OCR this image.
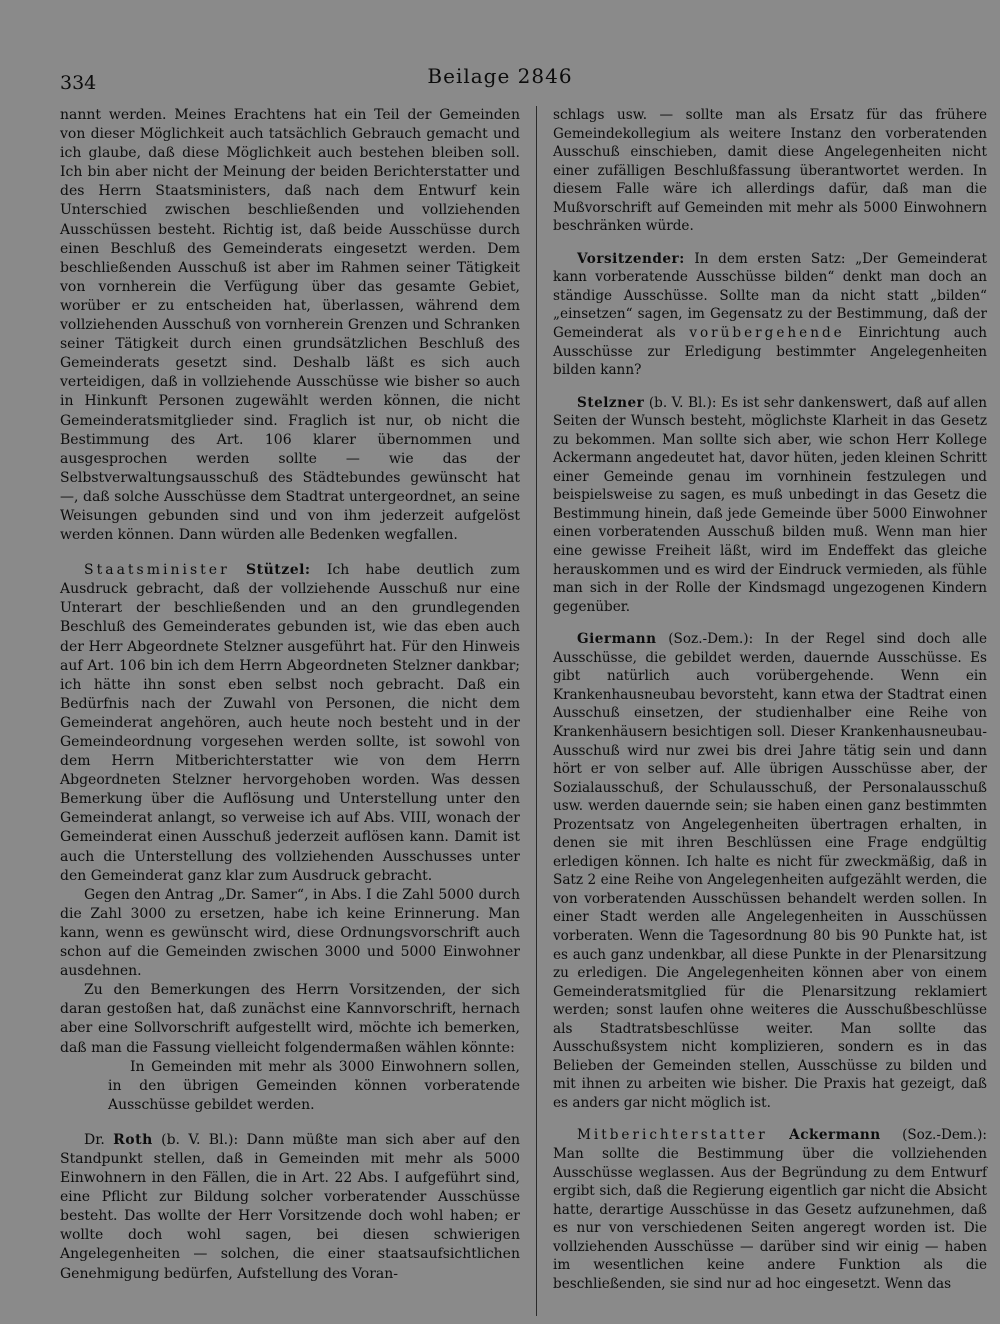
334	Beilage 2846

nannt werden. Meines Erachtens hat ein Teil der Gemeinden von dieser Möglichkeit auch tatsächlich Gebrauch gemacht und ich glaube, daß diese Möglichkeit auch bestehen bleiben soll. Ich bin aber nicht der Meinung der beiden Berichterstatter und des Herrn Staatsministers, daß nach dem Entwurf kein Unterschied zwischen beschließenden und vollziehenden Ausschüssen besteht. Richtig ist, daß beide Ausschüsse durch einen Beschluß des Gemeinderats eingesetzt werden. Dem beschließenden Ausschuß ist aber im Rahmen seiner Tätigkeit von vornherein die Verfügung über das gesamte Gebiet, worüber er zu entscheiden hat, überlassen, während dem vollziehenden Ausschuß von vornherein Grenzen und Schranken seiner Tätigkeit durch einen grundsätzlichen Beschluß des Gemeinderats gesetzt sind. Deshalb läßt es sich auch verteidigen, daß in vollziehende Ausschüsse wie bisher so auch in Hinkunft Personen zugewählt werden können, die nicht Gemeinderatsmitglieder sind. Fraglich ist nur, ob nicht die Bestimmung des Art. 106 klarer übernommen und ausgesprochen werden sollte — wie das der Selbstverwaltungsausschuß des Städtebundes gewünscht hat —, daß solche Ausschüsse dem Stadtrat untergeordnet, an seine Weisungen gebunden sind und von ihm jederzeit aufgelöst werden können. Dann würden alle Bedenken wegfallen.

Staatsminister Stützel: Ich habe deutlich zum Ausdruck gebracht, daß der vollziehende Ausschuß nur eine Unterart der beschließenden und an den grundlegenden Beschluß des Gemeinderates gebunden ist, wie das eben auch der Herr Abgeordnete Stelzner ausgeführt hat. Für den Hinweis auf Art. 106 bin ich dem Herrn Abgeordneten Stelzner dankbar; ich hätte ihn sonst eben selbst noch gebracht. Daß ein Bedürfnis nach der Zuwahl von Personen, die nicht dem Gemeinderat angehören, auch heute noch besteht und in der Gemeindeordnung vorgesehen werden sollte, ist sowohl von dem Herrn Mitberichterstatter wie von dem Herrn Abgeordneten Stelzner hervorgehoben worden. Was dessen Bemerkung über die Auflösung und Unterstellung unter den Gemeinderat anlangt, so verweise ich auf Abs. VIII, wonach der Gemeinderat einen Ausschuß jederzeit auflösen kann. Damit ist auch die Unterstellung des vollziehenden Ausschusses unter den Gemeinderat ganz klar zum Ausdruck gebracht.

Gegen den Antrag „Dr. Samer“, in Abs. I die Zahl 5000 durch die Zahl 3000 zu ersetzen, habe ich keine Erinnerung. Man kann, wenn es gewünscht wird, diese Ordnungsvorschrift auch schon auf die Gemeinden zwischen 3000 und 5000 Einwohner ausdehnen.

Zu den Bemerkungen des Herrn Vorsitzenden, der sich daran gestoßen hat, daß zunächst eine Kannvorschrift, hernach aber eine Sollvorschrift aufgestellt wird, möchte ich bemerken, daß man die Fassung vielleicht folgendermaßen wählen könnte:

In Gemeinden mit mehr als 3000 Einwohnern sollen, in den übrigen Gemeinden können vorberatende Ausschüsse gebildet werden.

Dr. Roth (b. V. Bl.): Dann müßte man sich aber auf den Standpunkt stellen, daß in Gemeinden mit mehr als 5000 Einwohnern in den Fällen, die in Art. 22 Abs. I aufgeführt sind, eine Pflicht zur Bildung solcher vorberatender Ausschüsse besteht. Das wollte der Herr Vorsitzende doch wohl haben; er wollte doch wohl sagen, bei diesen schwierigen Angelegenheiten — solchen, die einer staatsaufsichtlichen Genehmigung bedürfen, Aufstellung des Voran-

schlags usw. — sollte man als Ersatz für das frühere Gemeindekollegium als weitere Instanz den vorberatenden Ausschuß einschieben, damit diese Angelegenheiten nicht einer zufälligen Beschlußfassung überantwortet werden. In diesem Falle wäre ich allerdings dafür, daß man die Mußvorschrift auf Gemeinden mit mehr als 5000 Einwohnern beschränken würde.

Vorsitzender: In dem ersten Satz: „Der Gemeinderat kann vorberatende Ausschüsse bilden“ denkt man doch an ständige Ausschüsse. Sollte man da nicht statt „bilden“ „einsetzen“ sagen, im Gegensatz zu der Bestimmung, daß der Gemeinderat als vorübergehende Einrichtung auch Ausschüsse zur Erledigung bestimmter Angelegenheiten bilden kann?

Stelzner (b. V. Bl.): Es ist sehr dankenswert, daß auf allen Seiten der Wunsch besteht, möglichste Klarheit in das Gesetz zu bekommen. Man sollte sich aber, wie schon Herr Kollege Ackermann angedeutet hat, davor hüten, jeden kleinen Schritt einer Gemeinde genau im vornhinein festzulegen und beispielsweise zu sagen, es muß unbedingt in das Gesetz die Bestimmung hinein, daß jede Gemeinde über 5000 Einwohner einen vorberatenden Ausschuß bilden muß. Wenn man hier eine gewisse Freiheit läßt, wird im Endeffekt das gleiche herauskommen und es wird der Eindruck vermieden, als fühle man sich in der Rolle der Kindsmagd ungezogenen Kindern gegenüber.

Giermann (Soz.-Dem.): In der Regel sind doch alle Ausschüsse, die gebildet werden, dauernde Ausschüsse. Es gibt natürlich auch vorübergehende. Wenn ein Krankenhausneubau bevorsteht, kann etwa der Stadtrat einen Ausschuß einsetzen, der studienhalber eine Reihe von Krankenhäusern besichtigen soll. Dieser Krankenhausneubau-Ausschuß wird nur zwei bis drei Jahre tätig sein und dann hört er von selber auf. Alle übrigen Ausschüsse aber, der Sozialausschuß, der Schulausschuß, der Personalausschuß usw. werden dauernde sein; sie haben einen ganz bestimmten Prozentsatz von Angelegenheiten übertragen erhalten, in denen sie mit ihren Beschlüssen eine Frage endgültig erledigen können. Ich halte es nicht für zweckmäßig, daß in Satz 2 eine Reihe von Angelegenheiten aufgezählt werden, die von vorberatenden Ausschüssen behandelt werden sollen. In einer Stadt werden alle Angelegenheiten in Ausschüssen vorberaten. Wenn die Tagesordnung 80 bis 90 Punkte hat, ist es auch ganz undenkbar, all diese Punkte in der Plenarsitzung zu erledigen. Die Angelegenheiten können aber von einem Gemeinderatsmitglied für die Plenarsitzung reklamiert werden; sonst laufen ohne weiteres die Ausschußbeschlüsse als Stadtratsbeschlüsse weiter. Man sollte das Ausschußsystem nicht komplizieren, sondern es in das Belieben der Gemeinden stellen, Ausschüsse zu bilden und mit ihnen zu arbeiten wie bisher. Die Praxis hat gezeigt, daß es anders gar nicht möglich ist.

Mitberichterstatter Ackermann (Soz.-Dem.): Man sollte die Bestimmung über die vollziehenden Ausschüsse weglassen. Aus der Begründung zu dem Entwurf ergibt sich, daß die Regierung eigentlich gar nicht die Absicht hatte, derartige Ausschüsse in das Gesetz aufzunehmen, daß es nur von verschiedenen Seiten angeregt worden ist. Die vollziehenden Ausschüsse — darüber sind wir einig — haben im wesentlichen keine andere Funktion als die beschließenden, sie sind nur ad hoc eingesetzt. Wenn das
